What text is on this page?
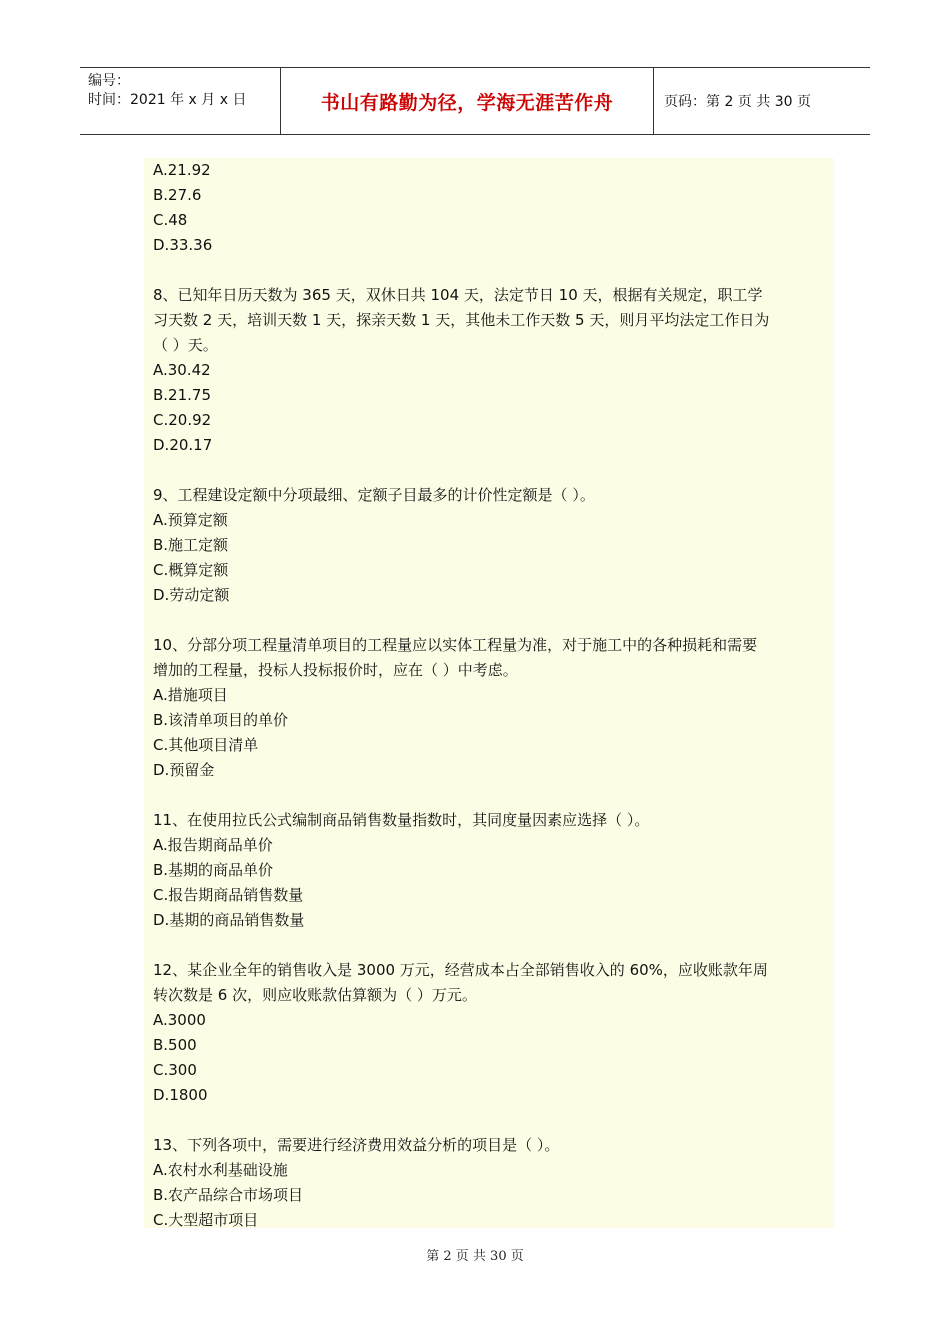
编号：
时间：2021 年 x 月 x 日	书山有路勤为径，学海无涯苦作舟	页码：第 2 页 共 30 页
A.21.92
B.27.6
C.48
D.33.36
8、已知年日历天数为 365 天，双休日共 104 天，法定节日 10 天，根据有关规定，职工学
习天数 2 天，培训天数 1 天，探亲天数 1 天，其他未工作天数 5 天，则月平均法定工作日为
（ ）天。
A.30.42
B.21.75
C.20.92
D.20.17
9、工程建设定额中分项最细、定额子目最多的计价性定额是（ ）。
A.预算定额
B.施工定额
C.概算定额
D.劳动定额
10、分部分项工程量清单项目的工程量应以实体工程量为准，对于施工中的各种损耗和需要
增加的工程量，投标人投标报价时，应在（ ）中考虑。
A.措施项目
B.该清单项目的单价
C.其他项目清单
D.预留金
11、在使用拉氏公式编制商品销售数量指数时，其同度量因素应选择（ ）。
A.报告期商品单价
B.基期的商品单价
C.报告期商品销售数量
D.基期的商品销售数量
12、某企业全年的销售收入是 3000 万元，经营成本占全部销售收入的 60%，应收账款年周
转次数是 6 次，则应收账款估算额为（ ）万元。
A.3000
B.500
C.300
D.1800
13、下列各项中，需要进行经济费用效益分析的项目是（ ）。
A.农村水利基础设施
B.农产品综合市场项目
C.大型超市项目
第 2 页 共 30 页
